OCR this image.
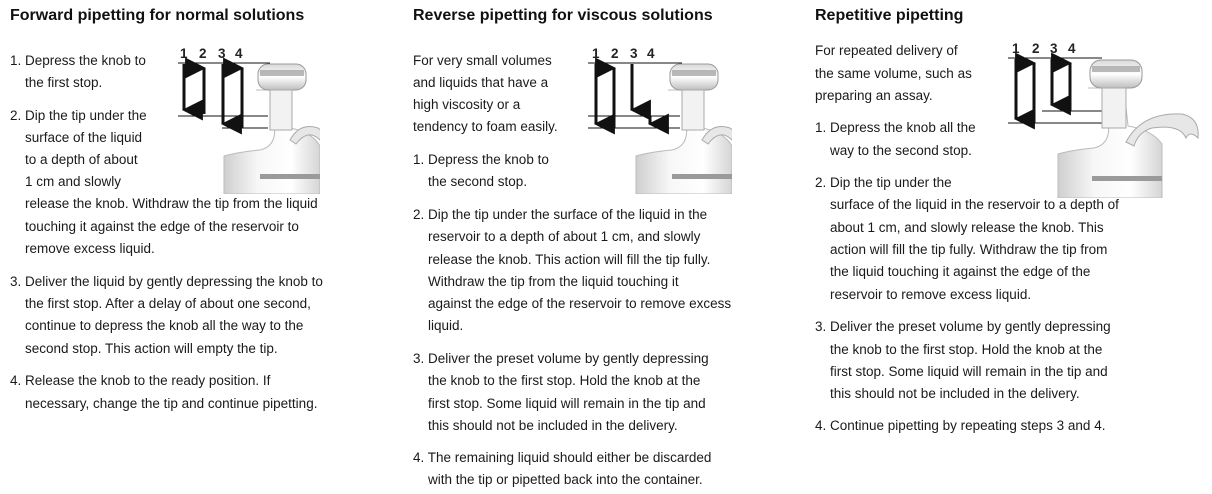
Forward pipetting for normal solutions
1 2 3 4

1. Depress the knob to

the first stop.

2. Dip the tip under the

surface of the liquid

to a depth of about

1 cm and slowly

release the knob. Withdraw the tip from the liquid

touching it against the edge of the reservoir to

remove excess liquid.

3. Deliver the liquid by gently depressing the knob to

the first stop. After a delay of about one second,

continue to depress the knob all the way to the

second stop. This action will empty the tip.

4. Release the knob to the ready position. If

necessary, change the tip and continue pipetting.

Reverse pipetting for viscous solutions
1 2 3 4

For very small volumes

and liquids that have a

high viscosity or a

tendency to foam easily.

1. Depress the knob to

the second stop.

2. Dip the tip under the surface of the liquid in the

reservoir to a depth of about 1 cm, and slowly

release the knob. This action will fill the tip fully.

Withdraw the tip from the liquid touching it

against the edge of the reservoir to remove excess

liquid.

3. Deliver the preset volume by gently depressing

the knob to the first stop. Hold the knob at the

first stop. Some liquid will remain in the tip and

this should not be included in the delivery.

4. The remaining liquid should either be discarded

with the tip or pipetted back into the container.

Repetitive pipetting
1 2 3 4

For repeated delivery of

the same volume, such as

preparing an assay.

1. Depress the knob all the

way to the second stop.

2. Dip the tip under the

surface of the liquid in the reservoir to a depth of

about 1 cm, and slowly release the knob. This

action will fill the tip fully. Withdraw the tip from

the liquid touching it against the edge of the

reservoir to remove excess liquid.

3. Deliver the preset volume by gently depressing

the knob to the first stop. Hold the knob at the

first stop. Some liquid will remain in the tip and

this should not be included in the delivery.

4. Continue pipetting by repeating steps 3 and 4.
